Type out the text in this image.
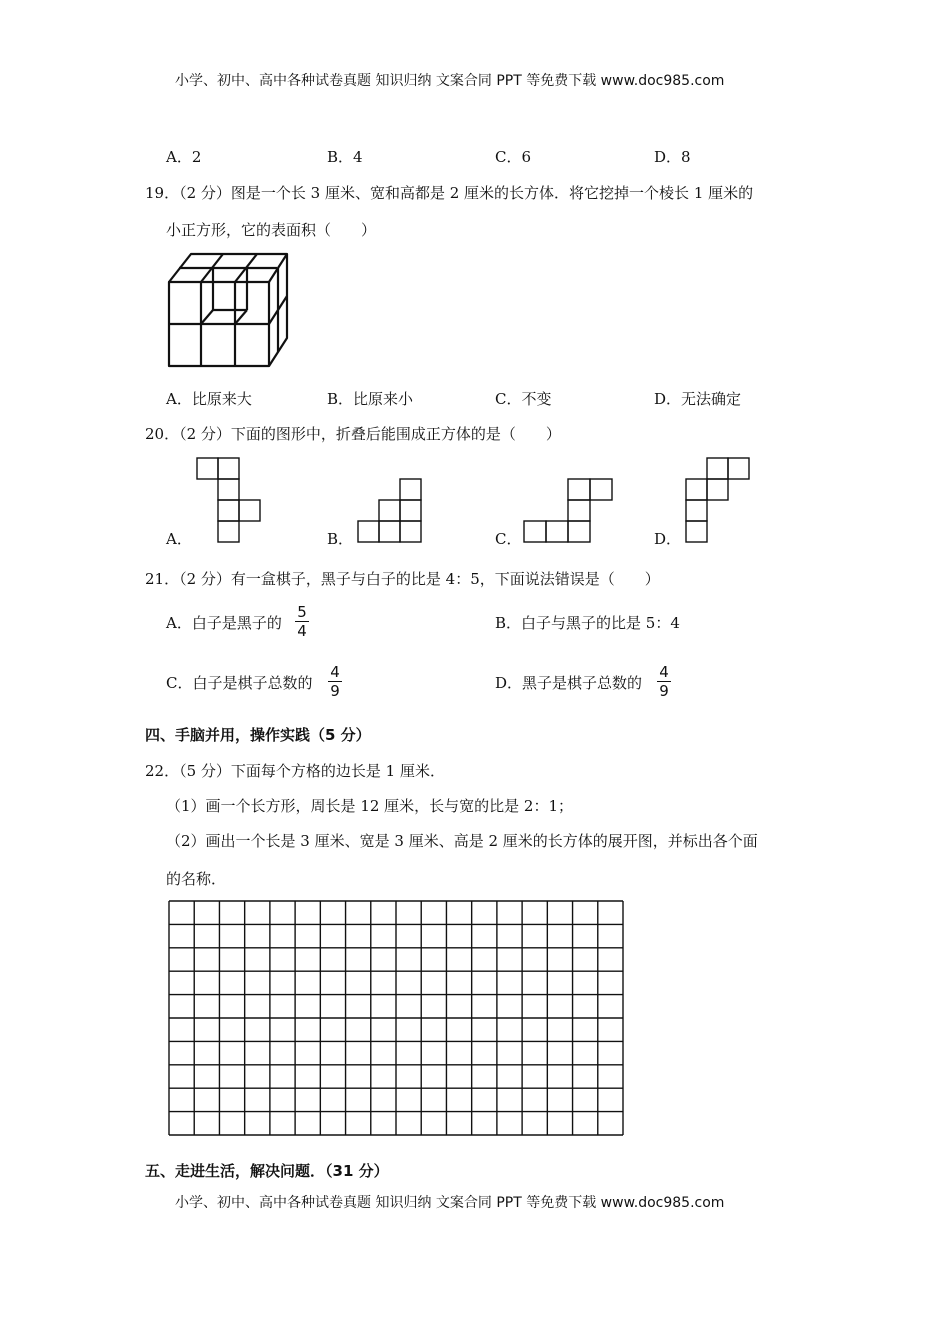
小学、初中、高中各种试卷真题 知识归纳 文案合同 PPT 等免费下载 www.doc985.com
A．2	B．4	C．6	D．8
19．（2 分）图是一个长 3 厘米、宽和高都是 2 厘米的长方体．将它挖掉一个棱长 1 厘米的
小正方形，它的表面积（　　）
A．比原来大	B．比原来小	C．不变	D．无法确定
20．（2 分）下面的图形中，折叠后能围成正方体的是（　　）
A．	B．	C．	D．
21．（2 分）有一盒棋子，黑子与白子的比是 4：5，下面说法错误是（　　）
A．白子是黑子的
5
4	B．白子与黑子的比是 5：4
C．白子是棋子总数的
4
9	D．黑子是棋子总数的
4
9
四、手脑并用，操作实践（5 分）
22．（5 分）下面每个方格的边长是 1 厘米．
（1）画一个长方形，周长是 12 厘米，长与宽的比是 2：1；
（2）画出一个长是 3 厘米、宽是 3 厘米、高是 2 厘米的长方体的展开图，并标出各个面
的名称．
五、走进生活，解决问题．（31 分）
小学、初中、高中各种试卷真题 知识归纳 文案合同 PPT 等免费下载 www.doc985.com
